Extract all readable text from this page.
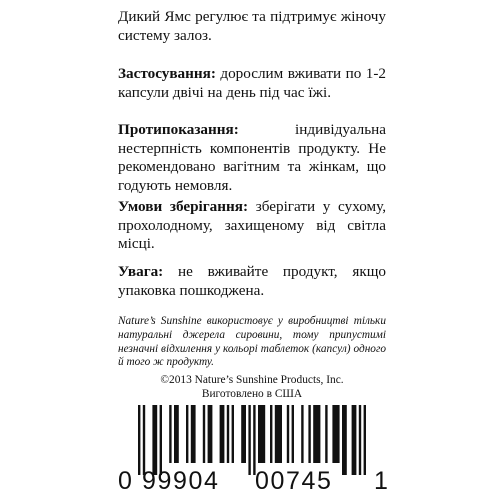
Дикий Ямс регулює та підтримує жіночу систему залоз.
Застосування: дорослим вживати по 1-2 капсули двічі на день під час їжі.
Протипоказання: індивідуальна нестерпність компонентів продукту. Не рекомендовано вагітним та жінкам, що годують немовля.
Умови зберігання: зберігати у сухому, прохолодному, захищеному від світла місці.
Увага: не вживайте продукт, якщо упаковка пошкоджена.
Nature’s Sunshine використовує у виробництві тільки натуральні джерела сировини, тому припустимі незначні відхилення у кольорі таблеток (капсул) одного й того ж продукту.
©2013 Nature’s Sunshine Products, Inc.
Виготовлено в США
0 99904 00745 1
